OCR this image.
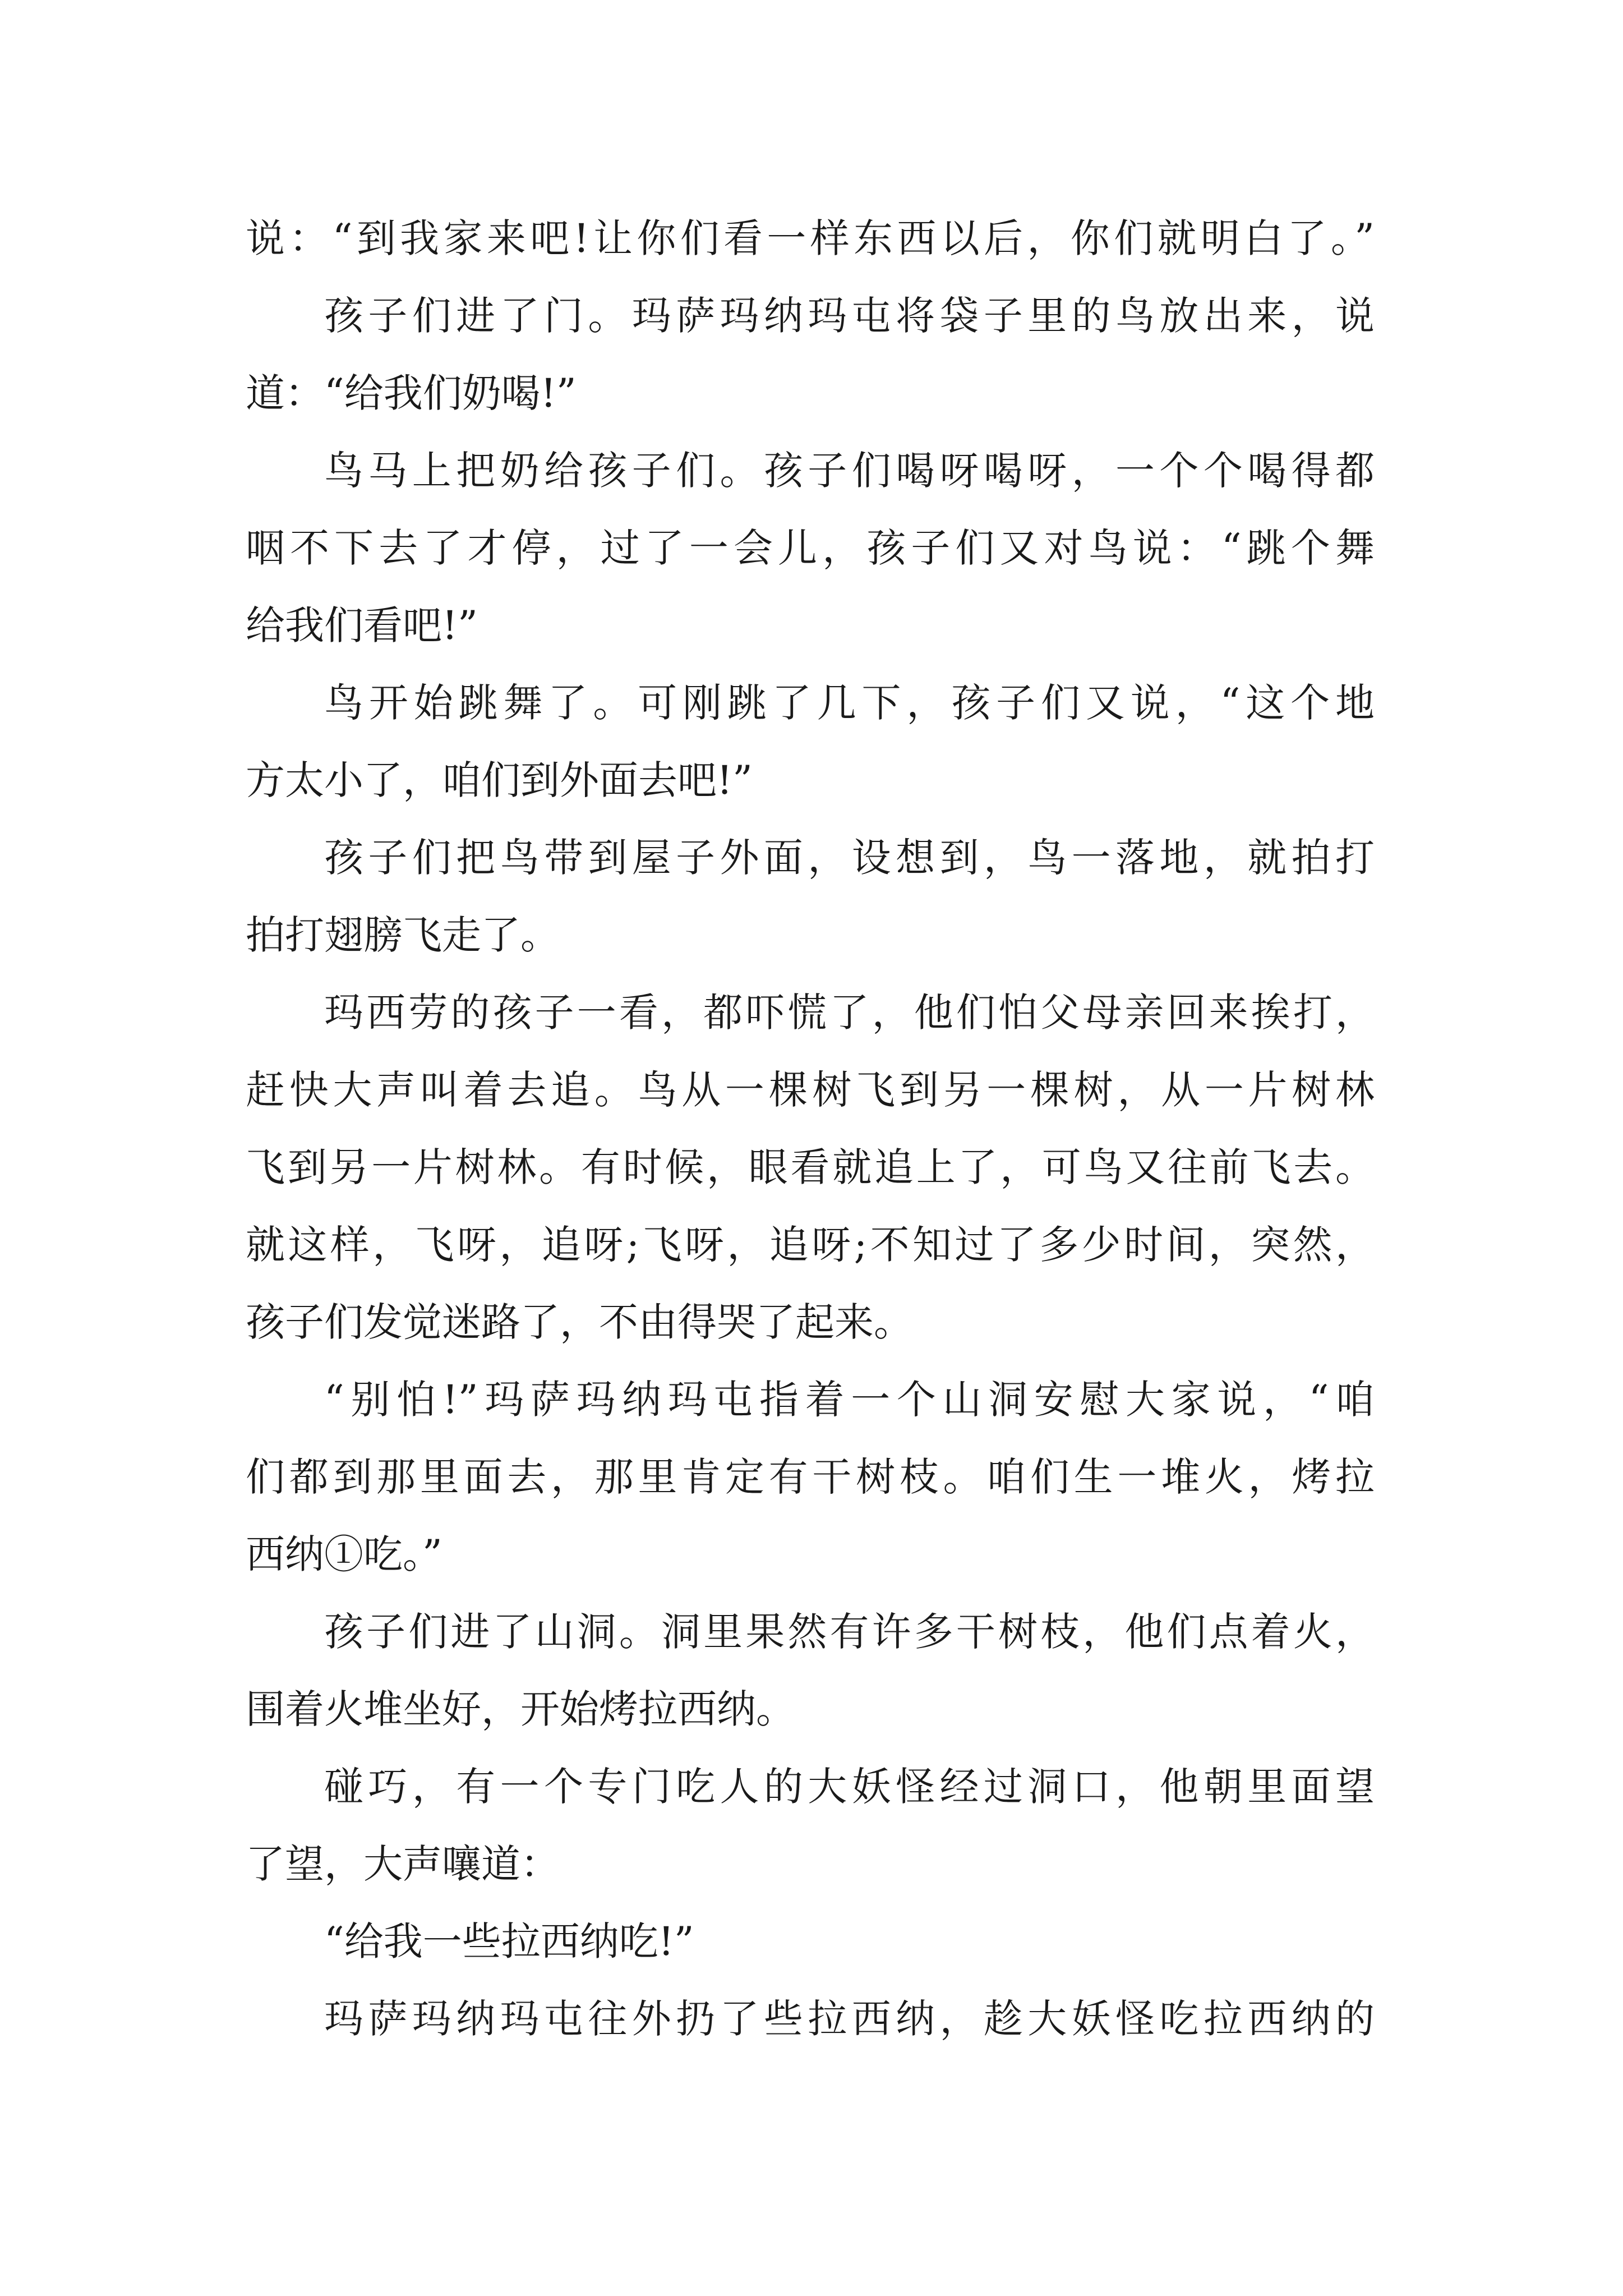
说：“到我家来吧!让你们看一样东西以后，你们就明白了。”
孩子们进了门。玛萨玛纳玛屯将袋子里的鸟放出来，说
道：“给我们奶喝!”
鸟马上把奶给孩子们。孩子们喝呀喝呀，一个个喝得都
咽不下去了才停，过了一会儿，孩子们又对鸟说：“跳个舞
给我们看吧!”
鸟开始跳舞了。可刚跳了几下，孩子们又说，“这个地
方太小了，咱们到外面去吧!”
孩子们把鸟带到屋子外面，设想到，鸟一落地，就拍打
拍打翅膀飞走了。
玛西劳的孩子一看，都吓慌了，他们怕父母亲回来挨打，
赶快大声叫着去追。鸟从一棵树飞到另一棵树，从一片树林
飞到另一片树林。有时候，眼看就追上了，可鸟又往前飞去。
就这样，飞呀，追呀;飞呀，追呀;不知过了多少时间，突然，
孩子们发觉迷路了，不由得哭了起来。
“别怕!”玛萨玛纳玛屯指着一个山洞安慰大家说，“咱
们都到那里面去，那里肯定有干树枝。咱们生一堆火，烤拉
西纳①吃。”
孩子们进了山洞。洞里果然有许多干树枝，他们点着火，
围着火堆坐好，开始烤拉西纳。
碰巧，有一个专门吃人的大妖怪经过洞口，他朝里面望
了望，大声嚷道：
“给我一些拉西纳吃!”
玛萨玛纳玛屯往外扔了些拉西纳，趁大妖怪吃拉西纳的
